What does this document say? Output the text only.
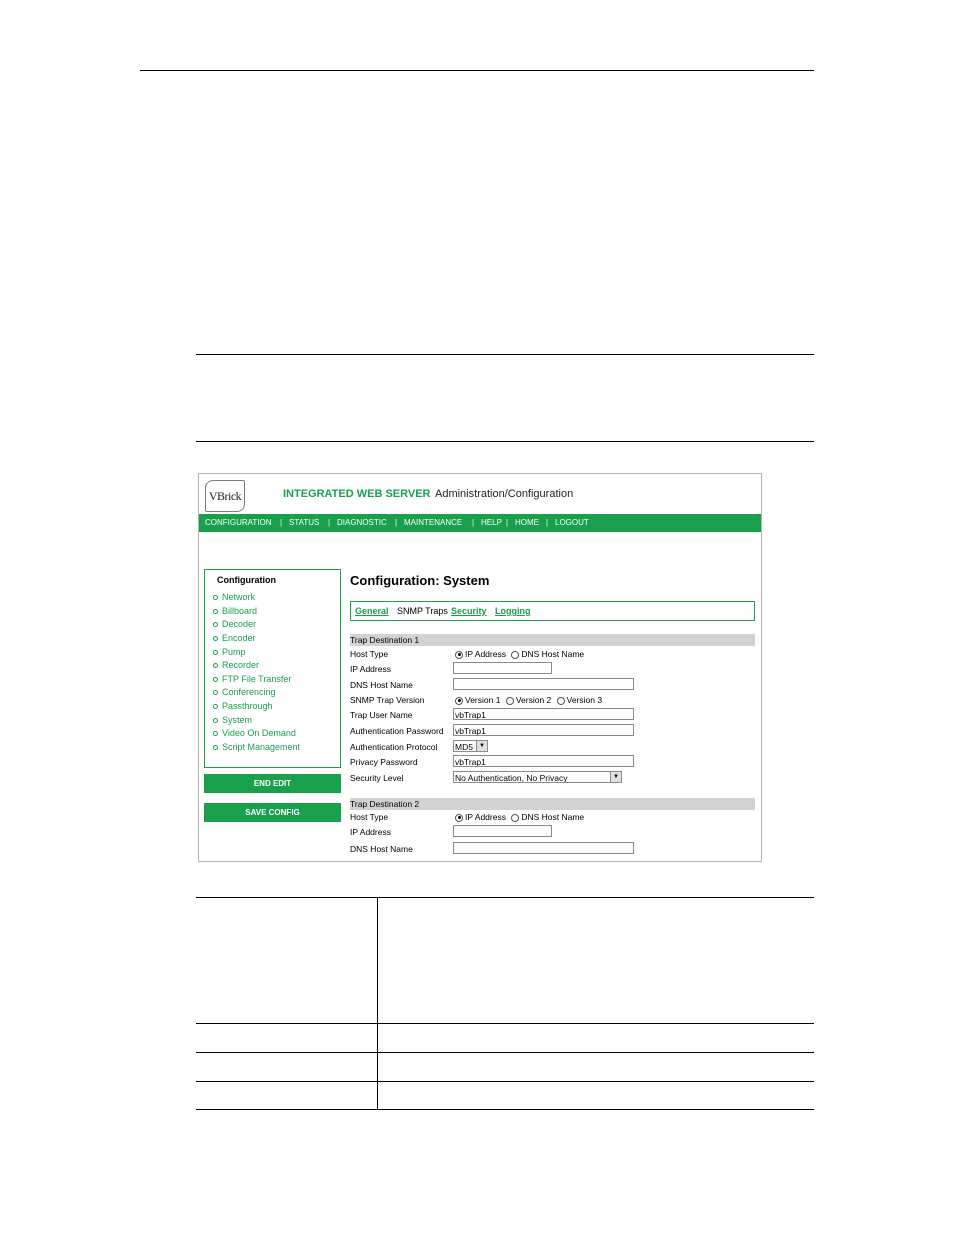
VBrick	INTEGRATED WEB SERVER Administration/Configuration
CONFIGURATION | STATUS | DIAGNOSTIC | MAINTENANCE | HELP | HOME | LOGOUT
Configuration
Network
Billboard
Decoder
Encoder
Pump
Recorder
FTP File Transfer
Conferencing
Passthrough
System
Video On Demand
Script Management
END EDIT
SAVE CONFIG
Configuration: System
General SNMP Traps Security Logging
Trap Destination 1
Host Type	IP Address DNS Host Name
IP Address
DNS Host Name
SNMP Trap Version	Version 1 Version 2 Version 3
Trap User Name	vbTrap1
Authentication Password vbTrap1
Authentication Protocol MD5	▼
Privacy Password	vbTrap1
Security Level	No Authentication, No Privacy	▼
Trap Destination 2
Host Type	IP Address DNS Host Name
IP Address
DNS Host Name
